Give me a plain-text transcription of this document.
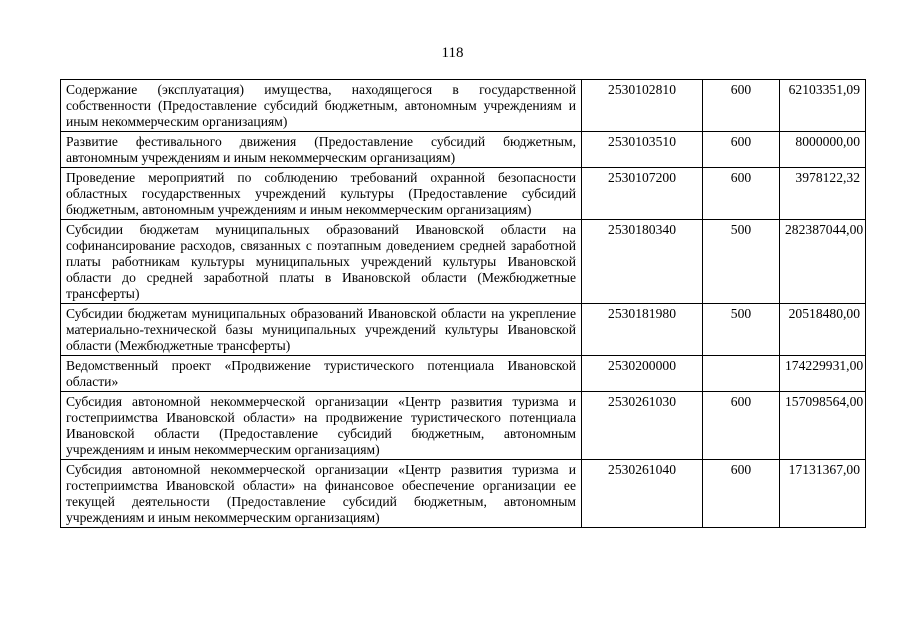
118
Содержание (эксплуатация) имущества, находящегося в государственной собственности (Предоставление субсидий бюджетным, автономным учреждениям и иным некоммерческим организациям)	2530102810	600	62103351,09
Развитие фестивального движения (Предоставление субсидий бюджетным, автономным учреждениям и иным некоммерческим организациям)	2530103510	600	8000000,00
Проведение мероприятий по соблюдению требований охранной безопасности областных государственных учреждений культуры (Предоставление субсидий бюджетным, автономным учреждениям и иным некоммерческим организациям)	2530107200	600	3978122,32
Субсидии бюджетам муниципальных образований Ивановской области на софинансирование расходов, связанных с поэтапным доведением средней заработной платы работникам культуры муниципальных учреждений культуры Ивановской области до средней заработной платы в Ивановской области (Межбюджетные трансферты)	2530180340	500	282387044,00
Субсидии бюджетам муниципальных образований Ивановской области на укрепление материально-технической базы муниципальных учреждений культуры Ивановской области (Межбюджетные трансферты)	2530181980	500	20518480,00
Ведомственный проект «Продвижение туристического потенциала Ивановской области»	2530200000		174229931,00
Субсидия автономной некоммерческой организации «Центр развития туризма и гостеприимства Ивановской области» на продвижение туристического потенциала Ивановской области (Предоставление субсидий бюджетным, автономным учреждениям и иным некоммерческим организациям)	2530261030	600	157098564,00
Субсидия автономной некоммерческой организации «Центр развития туризма и гостеприимства Ивановской области» на финансовое обеспечение организации ее текущей деятельности (Предоставление субсидий бюджетным, автономным учреждениям и иным некоммерческим организациям)	2530261040	600	17131367,00
